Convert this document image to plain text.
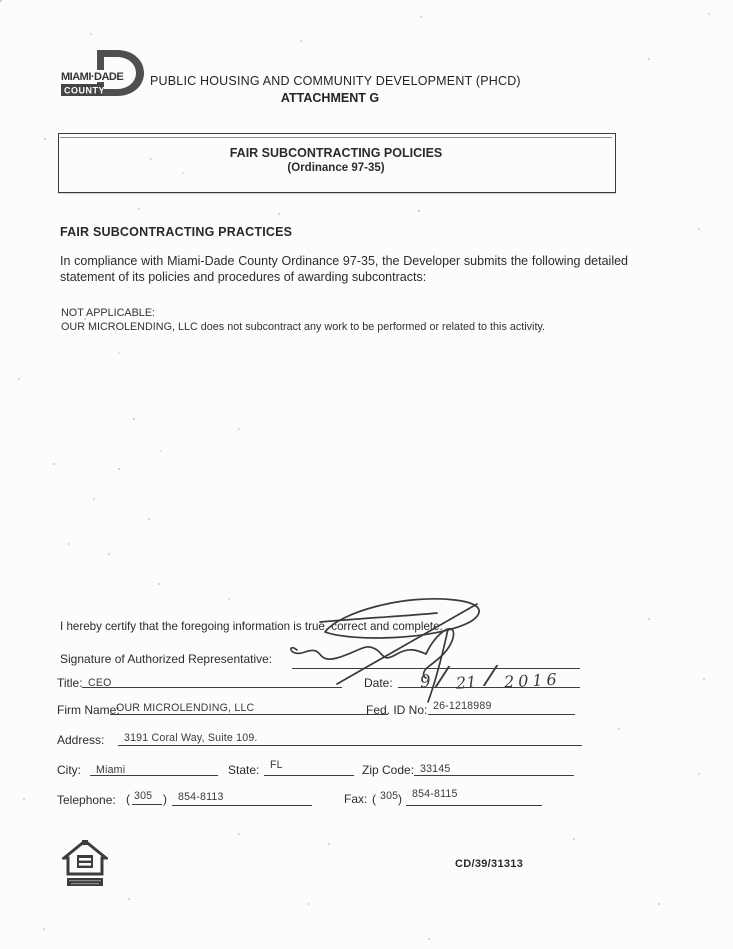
MIAMI·DADE
COUNTY
PUBLIC HOUSING AND COMMUNITY DEVELOPMENT (PHCD)
ATTACHMENT G
FAIR SUBCONTRACTING POLICIES
(Ordinance 97-35)
FAIR SUBCONTRACTING PRACTICES
In compliance with Miami-Dade County Ordinance 97-35, the Developer submits the following detailed statement of its policies and procedures of awarding subcontracts:
NOT APPLICABLE:
OUR MICROLENDING, LLC does not subcontract any work to be performed or related to this activity.
I hereby certify that the foregoing information is true, correct and complete.
Signature of Authorized Representative:
Title: CEO	Date: 9 / 21 / 2016
Firm Name:
OUR MICROLENDING, LLC	Fed. ID No: 26-1218989
Address: 3191 Coral Way, Suite 109.
City: Miami	State: FL	Zip Code: 33145
Telephone: ( 305 ) 854-8113	Fax: ( 305 ) 854-8115
CD/39/31313
